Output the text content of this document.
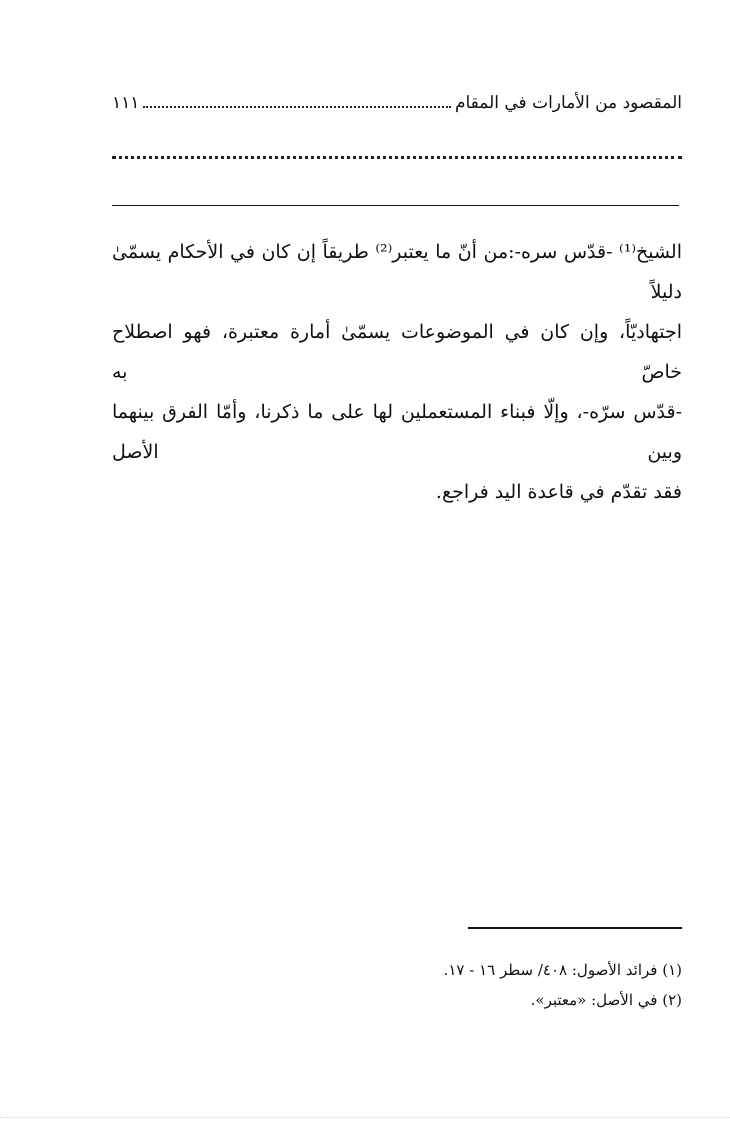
المقصود من الأمارات في المقام
١١١
الشيخ⁽¹⁾ -قدّس سره-:من أنّ ما يعتبر⁽²⁾ طريقاً إن كان في الأحكام يسمّىٰ دليلاً
اجتهاديّاً، وإن كان في الموضوعات يسمّىٰ أمارة معتبرة، فهو اصطلاح خاصّ به
-قدّس سرّه-، وإلّا فبناء المستعملين لها على ما ذكرنا، وأمّا الفرق بينهما وبين الأصل
فقد تقدّم في قاعدة اليد فراجع.
(١) فرائد الأصول: ٤٠٨/ سطر ١٦ - ١٧.
(٢) في الأصل: «معتبر».
